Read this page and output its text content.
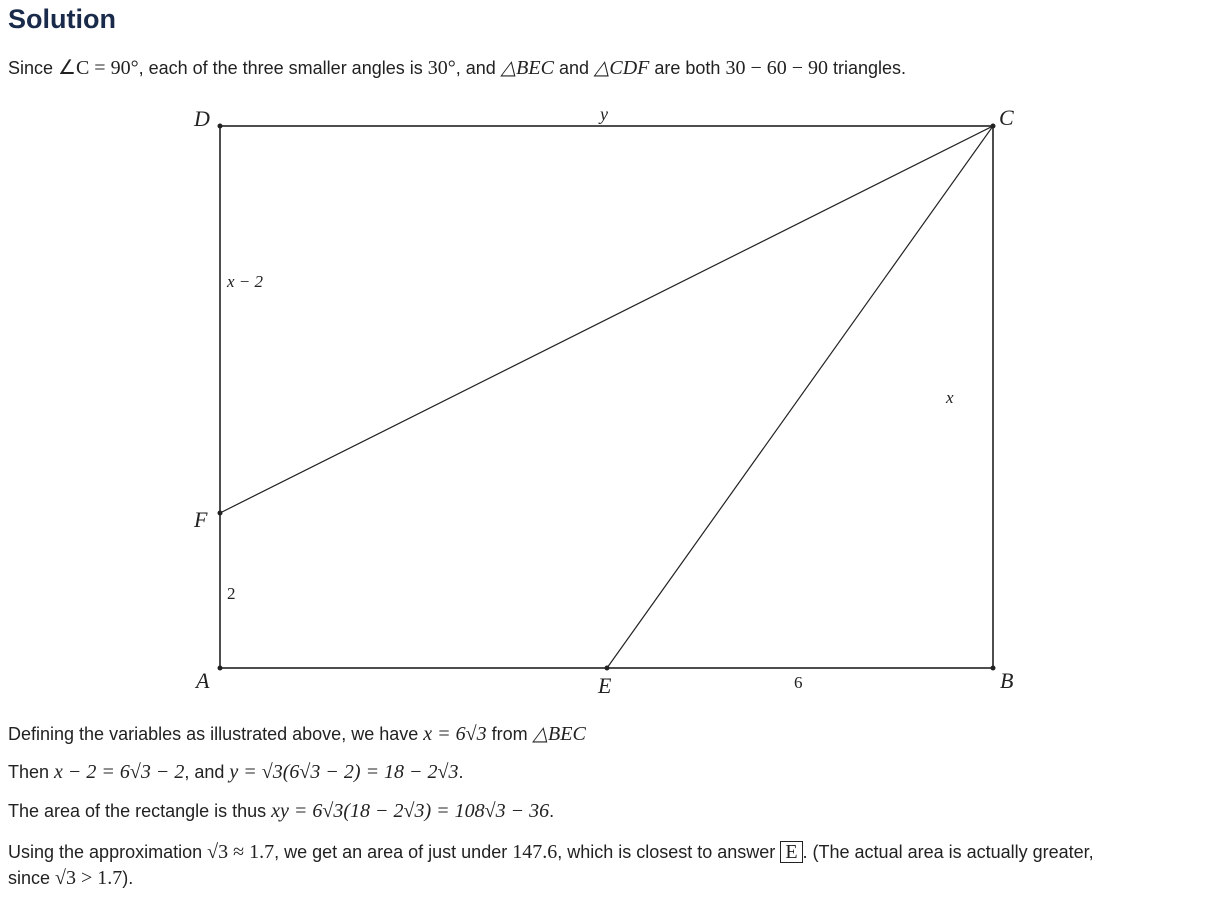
Solution
Since ∠C = 90°, each of the three smaller angles is 30°, and △BEC and △CDF are both 30 − 60 − 90 triangles.
D	C
A	B
E
F
y
x − 2
x
2
6
Defining the variables as illustrated above, we have x = 6√3 from △BEC
Then x − 2 = 6√3 − 2, and y = √3(6√3 − 2) = 18 − 2√3.
The area of the rectangle is thus xy = 6√3(18 − 2√3) = 108√3 − 36.
Using the approximation √3 ≈ 1.7, we get an area of just under 147.6, which is closest to answer E . (The actual area is actually greater,
since √3 > 1.7).
